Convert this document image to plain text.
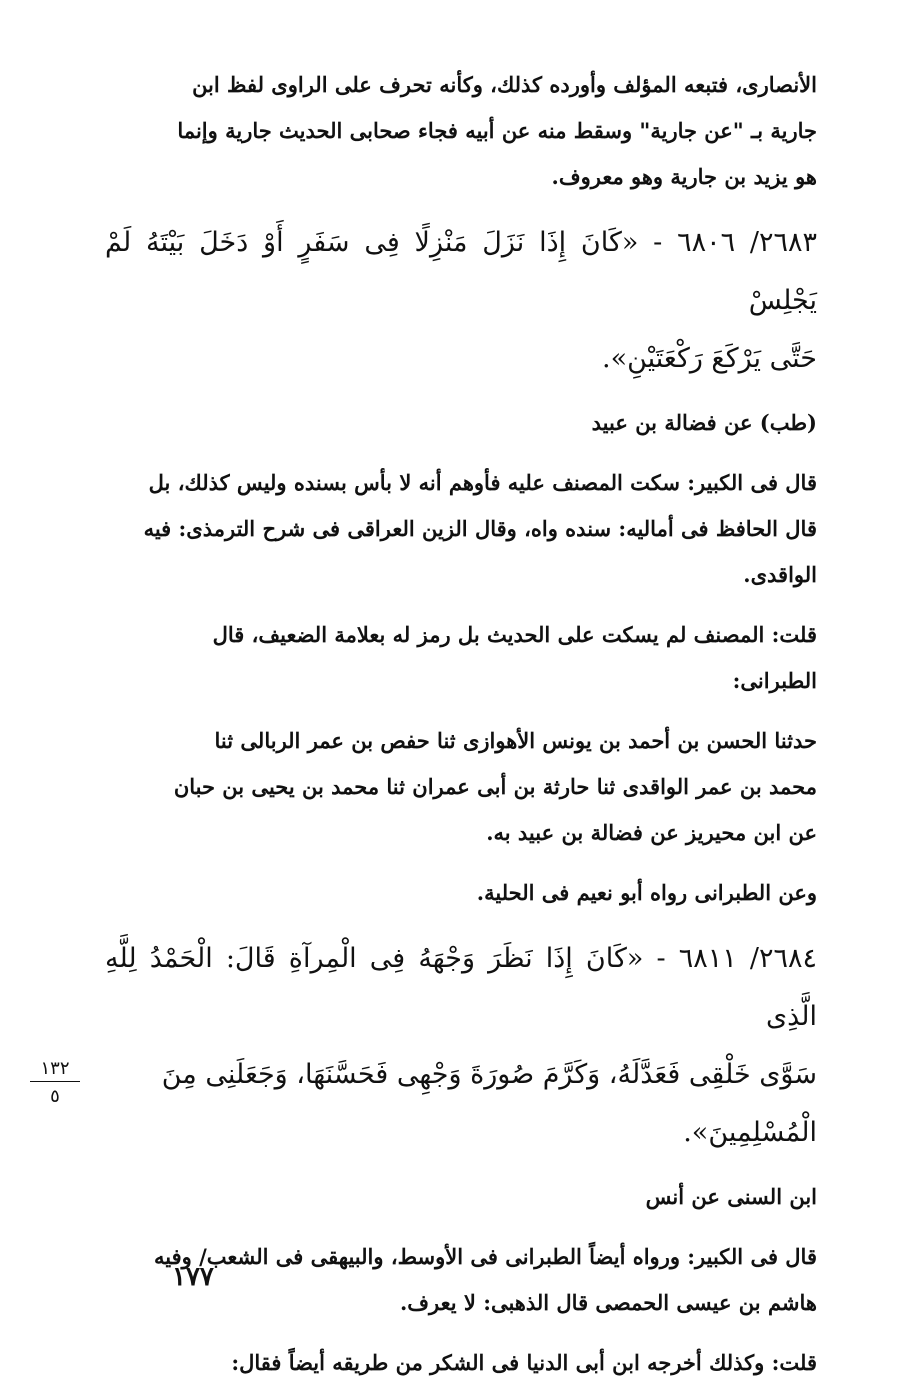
الأنصارى، فتبعه المؤلف وأورده كذلك، وكأنه تحرف على الراوى لفظ ابن
جارية بـ "عن جارية" وسقط منه عن أبيه فجاء صحابى الحديث جارية وإنما
هو يزيد بن جارية وهو معروف.

٢٦٨٣/ ٦٨٠٦ - «كَانَ إِذَا نَزَلَ مَنْزِلًا فِى سَفَرٍ أَوْ دَخَلَ بَيْتَهُ لَمْ يَجْلِسْ
حَتَّى يَرْكَعَ رَكْعَتَيْنِ».

(طب) عن فضالة بن عبيد

قال فى الكبير: سكت المصنف عليه فأوهم أنه لا بأس بسنده وليس كذلك، بل
قال الحافظ فى أماليه: سنده واه، وقال الزين العراقى فى شرح الترمذى: فيه
الواقدى.

قلت: المصنف لم يسكت على الحديث بل رمز له بعلامة الضعيف، قال
الطبرانى:

حدثنا الحسن بن أحمد بن يونس الأهوازى ثنا حفص بن عمر الربالى ثنا
محمد بن عمر الواقدى ثنا حارثة بن أبى عمران ثنا محمد بن يحيى بن حبان
عن ابن محيريز عن فضالة بن عبيد به.

وعن الطبرانى رواه أبو نعيم فى الحلية.

٢٦٨٤/ ٦٨١١ - «كَانَ إِذَا نَظَرَ وَجْهَهُ فِى الْمِرآةِ قَالَ: الْحَمْدُ لِلَّهِ الَّذِى
سَوَّى خَلْقِى فَعَدَّلَهُ، وَكَرَّمَ صُورَةَ وَجْهِى فَحَسَّنَهَا، وَجَعَلَنِى مِنَ
الْمُسْلِمِينَ».

ابن السنى عن أنس

قال فى الكبير: ورواه أيضاً الطبرانى فى الأوسط، والبيهقى فى الشعب/ وفيه
هاشم بن عيسى الحمصى قال الذهبى: لا يعرف.

قلت: وكذلك أخرجه ابن أبى الدنيا فى الشكر من طريقه أيضاً فقال:

١٣٢
٥
١٧٧
